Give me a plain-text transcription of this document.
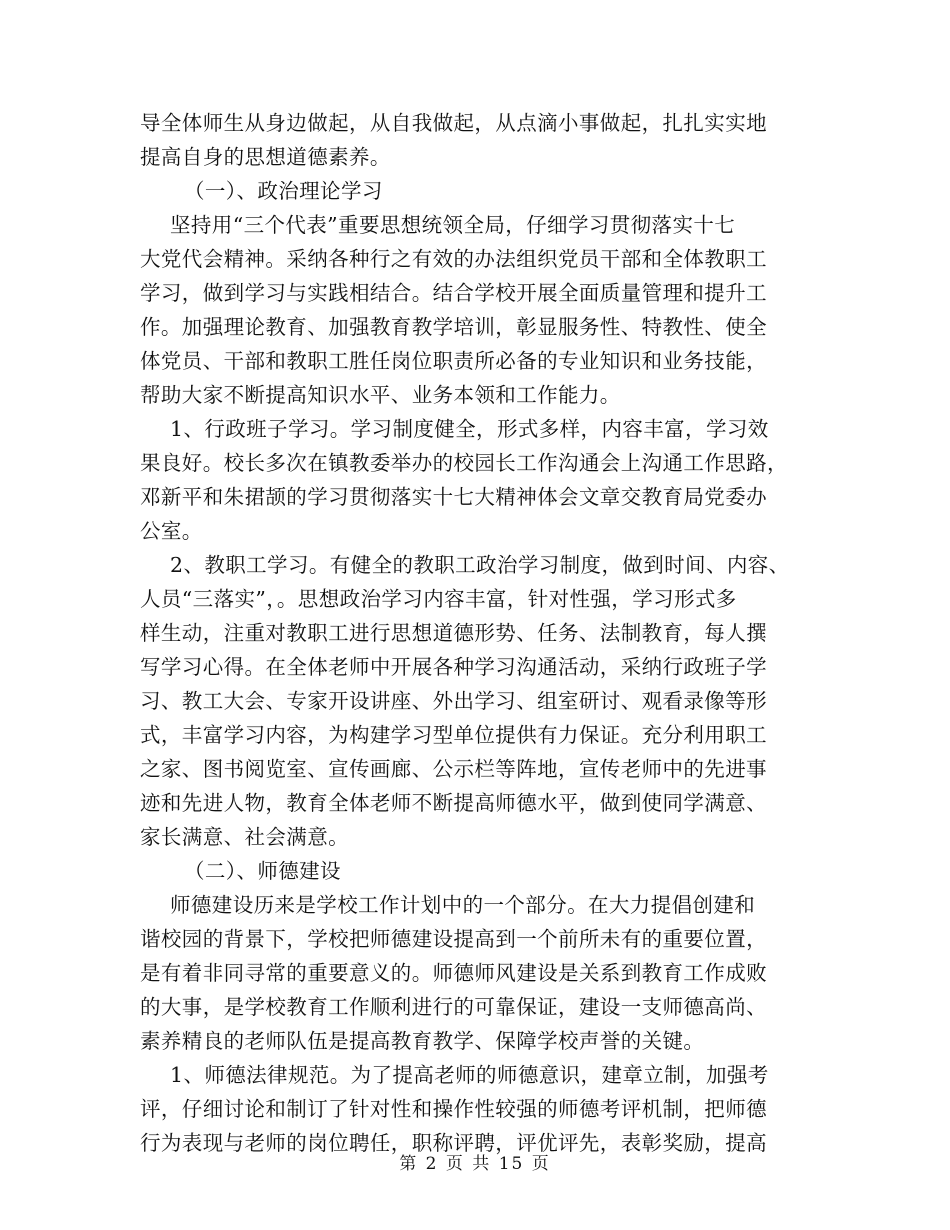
导全体师生从身边做起，从自我做起，从点滴小事做起，扎扎实实地
提高自身的思想道德素养。
（一）、政治理论学习
坚持用“三个代表”重要思想统领全局，仔细学习贯彻落实十七
大党代会精神。采纳各种行之有效的办法组织党员干部和全体教职工
学习，做到学习与实践相结合。结合学校开展全面质量管理和提升工
作。加强理论教育、加强教育教学培训，彰显服务性、特教性、使全
体党员、干部和教职工胜任岗位职责所必备的专业知识和业务技能，
帮助大家不断提高知识水平、业务本领和工作能力。
1、行政班子学习。学习制度健全，形式多样，内容丰富，学习效
果良好。校长多次在镇教委举办的校园长工作沟通会上沟通工作思路，
邓新平和朱捃颉的学习贯彻落实十七大精神体会文章交教育局党委办
公室。
2、教职工学习。有健全的教职工政治学习制度，做到时间、内容、
人员“三落实”，。思想政治学习内容丰富，针对性强，学习形式多
样生动，注重对教职工进行思想道德形势、任务、法制教育，每人撰
写学习心得。在全体老师中开展各种学习沟通活动，采纳行政班子学
习、教工大会、专家开设讲座、外出学习、组室研讨、观看录像等形
式，丰富学习内容，为构建学习型单位提供有力保证。充分利用职工
之家、图书阅览室、宣传画廊、公示栏等阵地，宣传老师中的先进事
迹和先进人物，教育全体老师不断提高师德水平，做到使同学满意、
家长满意、社会满意。
（二）、师德建设
师德建设历来是学校工作计划中的一个部分。在大力提倡创建和
谐校园的背景下，学校把师德建设提高到一个前所未有的重要位置，
是有着非同寻常的重要意义的。师德师风建设是关系到教育工作成败
的大事，是学校教育工作顺利进行的可靠保证，建设一支师德高尚、
素养精良的老师队伍是提高教育教学、保障学校声誉的关键。
1、师德法律规范。为了提高老师的师德意识，建章立制，加强考
评，仔细讨论和制订了针对性和操作性较强的师德考评机制，把师德
行为表现与老师的岗位聘任，职称评聘，评优评先，表彰奖励，提高
第 2 页 共 15 页
